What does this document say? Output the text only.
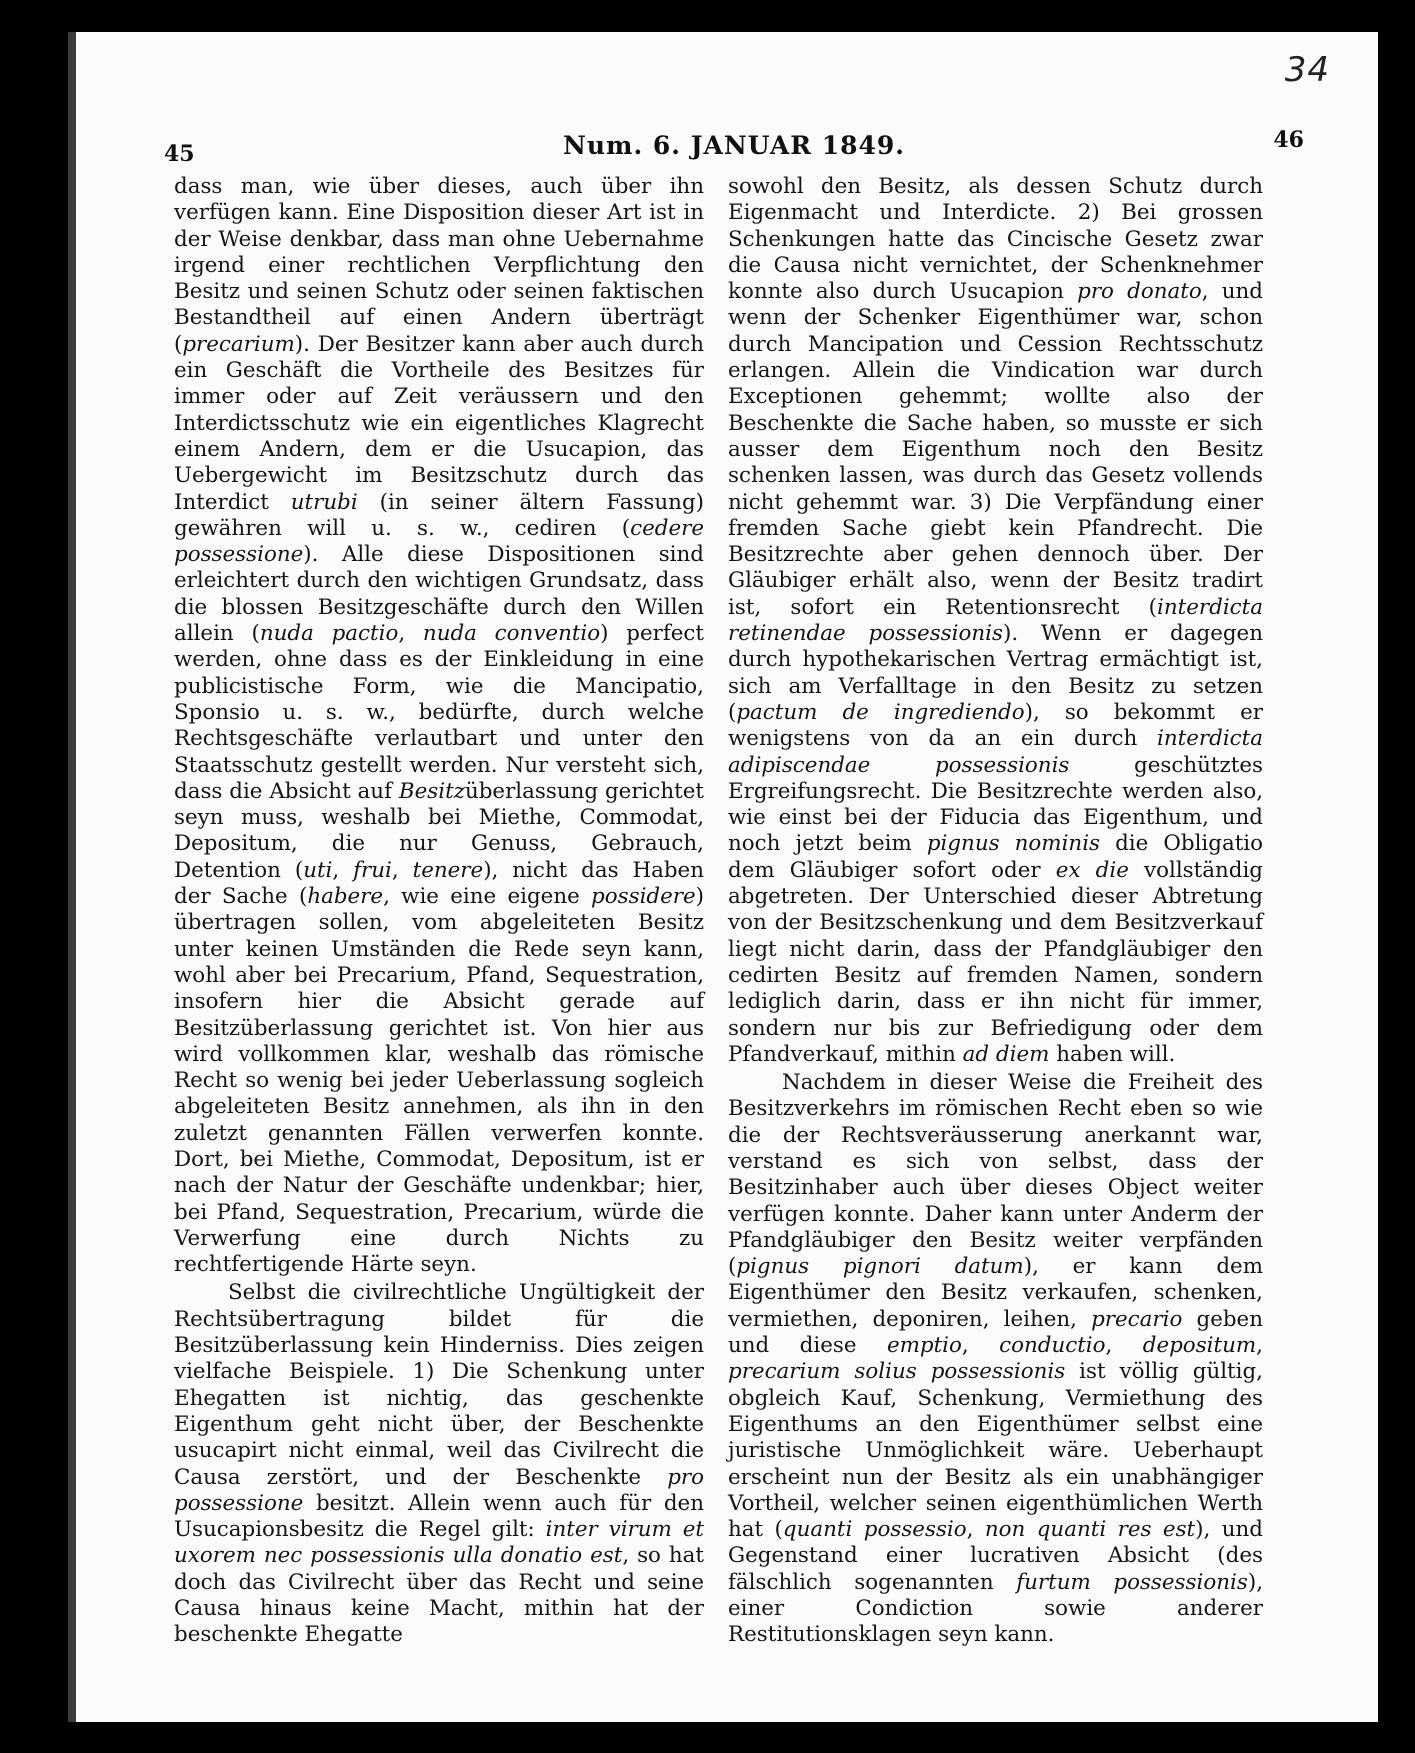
34
45	Num. 6. JANUAR 1849.	46

dass man, wie über dieses, auch über ihn verfügen kann. Eine Disposition dieser Art ist in der Weise denkbar, dass man ohne Uebernahme irgend einer rechtlichen Verpflichtung den Besitz und seinen Schutz oder seinen faktischen Bestandtheil auf einen Andern überträgt (precarium). Der Besitzer kann aber auch durch ein Geschäft die Vortheile des Besitzes für immer oder auf Zeit veräussern und den Interdictsschutz wie ein eigentliches Klagrecht einem Andern, dem er die Usucapion, das Uebergewicht im Besitzschutz durch das Interdict utrubi (in seiner ältern Fassung) gewähren will u. s. w., cediren (cedere possessione). Alle diese Dispositionen sind erleichtert durch den wichtigen Grundsatz, dass die blossen Besitzgeschäfte durch den Willen allein (nuda pactio, nuda conventio) perfect werden, ohne dass es der Einkleidung in eine publicistische Form, wie die Mancipatio, Sponsio u. s. w., bedürfte, durch welche Rechtsgeschäfte verlautbart und unter den Staatsschutz gestellt werden. Nur versteht sich, dass die Absicht auf Besitzüberlassung gerichtet seyn muss, weshalb bei Miethe, Commodat, Depositum, die nur Genuss, Gebrauch, Detention (uti, frui, tenere), nicht das Haben der Sache (habere, wie eine eigene possidere) übertragen sollen, vom abgeleiteten Besitz unter keinen Umständen die Rede seyn kann, wohl aber bei Precarium, Pfand, Sequestration, insofern hier die Absicht gerade auf Besitzüberlassung gerichtet ist. Von hier aus wird vollkommen klar, weshalb das römische Recht so wenig bei jeder Ueberlassung sogleich abgeleiteten Besitz annehmen, als ihn in den zuletzt genannten Fällen verwerfen konnte. Dort, bei Miethe, Commodat, Depositum, ist er nach der Natur der Geschäfte undenkbar; hier, bei Pfand, Sequestration, Precarium, würde die Verwerfung eine durch Nichts zu rechtfertigende Härte seyn.

Selbst die civilrechtliche Ungültigkeit der Rechtsübertragung bildet für die Besitzüberlassung kein Hinderniss. Dies zeigen vielfache Beispiele. 1) Die Schenkung unter Ehegatten ist nichtig, das geschenkte Eigenthum geht nicht über, der Beschenkte usucapirt nicht einmal, weil das Civilrecht die Causa zerstört, und der Beschenkte pro possessione besitzt. Allein wenn auch für den Usucapionsbesitz die Regel gilt: inter virum et uxorem nec possessionis ulla donatio est, so hat doch das Civilrecht über das Recht und seine Causa hinaus keine Macht, mithin hat der beschenkte Ehegatte

sowohl den Besitz, als dessen Schutz durch Eigenmacht und Interdicte. 2) Bei grossen Schenkungen hatte das Cincische Gesetz zwar die Causa nicht vernichtet, der Schenknehmer konnte also durch Usucapion pro donato, und wenn der Schenker Eigenthümer war, schon durch Mancipation und Cession Rechtsschutz erlangen. Allein die Vindication war durch Exceptionen gehemmt; wollte also der Beschenkte die Sache haben, so musste er sich ausser dem Eigenthum noch den Besitz schenken lassen, was durch das Gesetz vollends nicht gehemmt war. 3) Die Verpfändung einer fremden Sache giebt kein Pfandrecht. Die Besitzrechte aber gehen dennoch über. Der Gläubiger erhält also, wenn der Besitz tradirt ist, sofort ein Retentionsrecht (interdicta retinendae possessionis). Wenn er dagegen durch hypothekarischen Vertrag ermächtigt ist, sich am Verfalltage in den Besitz zu setzen (pactum de ingrediendo), so bekommt er wenigstens von da an ein durch interdicta adipiscendae possessionis geschütztes Ergreifungsrecht. Die Besitzrechte werden also, wie einst bei der Fiducia das Eigenthum, und noch jetzt beim pignus nominis die Obligatio dem Gläubiger sofort oder ex die vollständig abgetreten. Der Unterschied dieser Abtretung von der Besitzschenkung und dem Besitzverkauf liegt nicht darin, dass der Pfandgläubiger den cedirten Besitz auf fremden Namen, sondern lediglich darin, dass er ihn nicht für immer, sondern nur bis zur Befriedigung oder dem Pfandverkauf, mithin ad diem haben will.

Nachdem in dieser Weise die Freiheit des Besitzverkehrs im römischen Recht eben so wie die der Rechtsveräusserung anerkannt war, verstand es sich von selbst, dass der Besitzinhaber auch über dieses Object weiter verfügen konnte. Daher kann unter Anderm der Pfandgläubiger den Besitz weiter verpfänden (pignus pignori datum), er kann dem Eigenthümer den Besitz verkaufen, schenken, vermiethen, deponiren, leihen, precario geben und diese emptio, conductio, depositum, precarium solius possessionis ist völlig gültig, obgleich Kauf, Schenkung, Vermiethung des Eigenthums an den Eigenthümer selbst eine juristische Unmöglichkeit wäre. Ueberhaupt erscheint nun der Besitz als ein unabhängiger Vortheil, welcher seinen eigenthümlichen Werth hat (quanti possessio, non quanti res est), und Gegenstand einer lucrativen Absicht (des fälschlich sogenannten furtum possessionis), einer Condiction sowie anderer Restitutionsklagen seyn kann.
